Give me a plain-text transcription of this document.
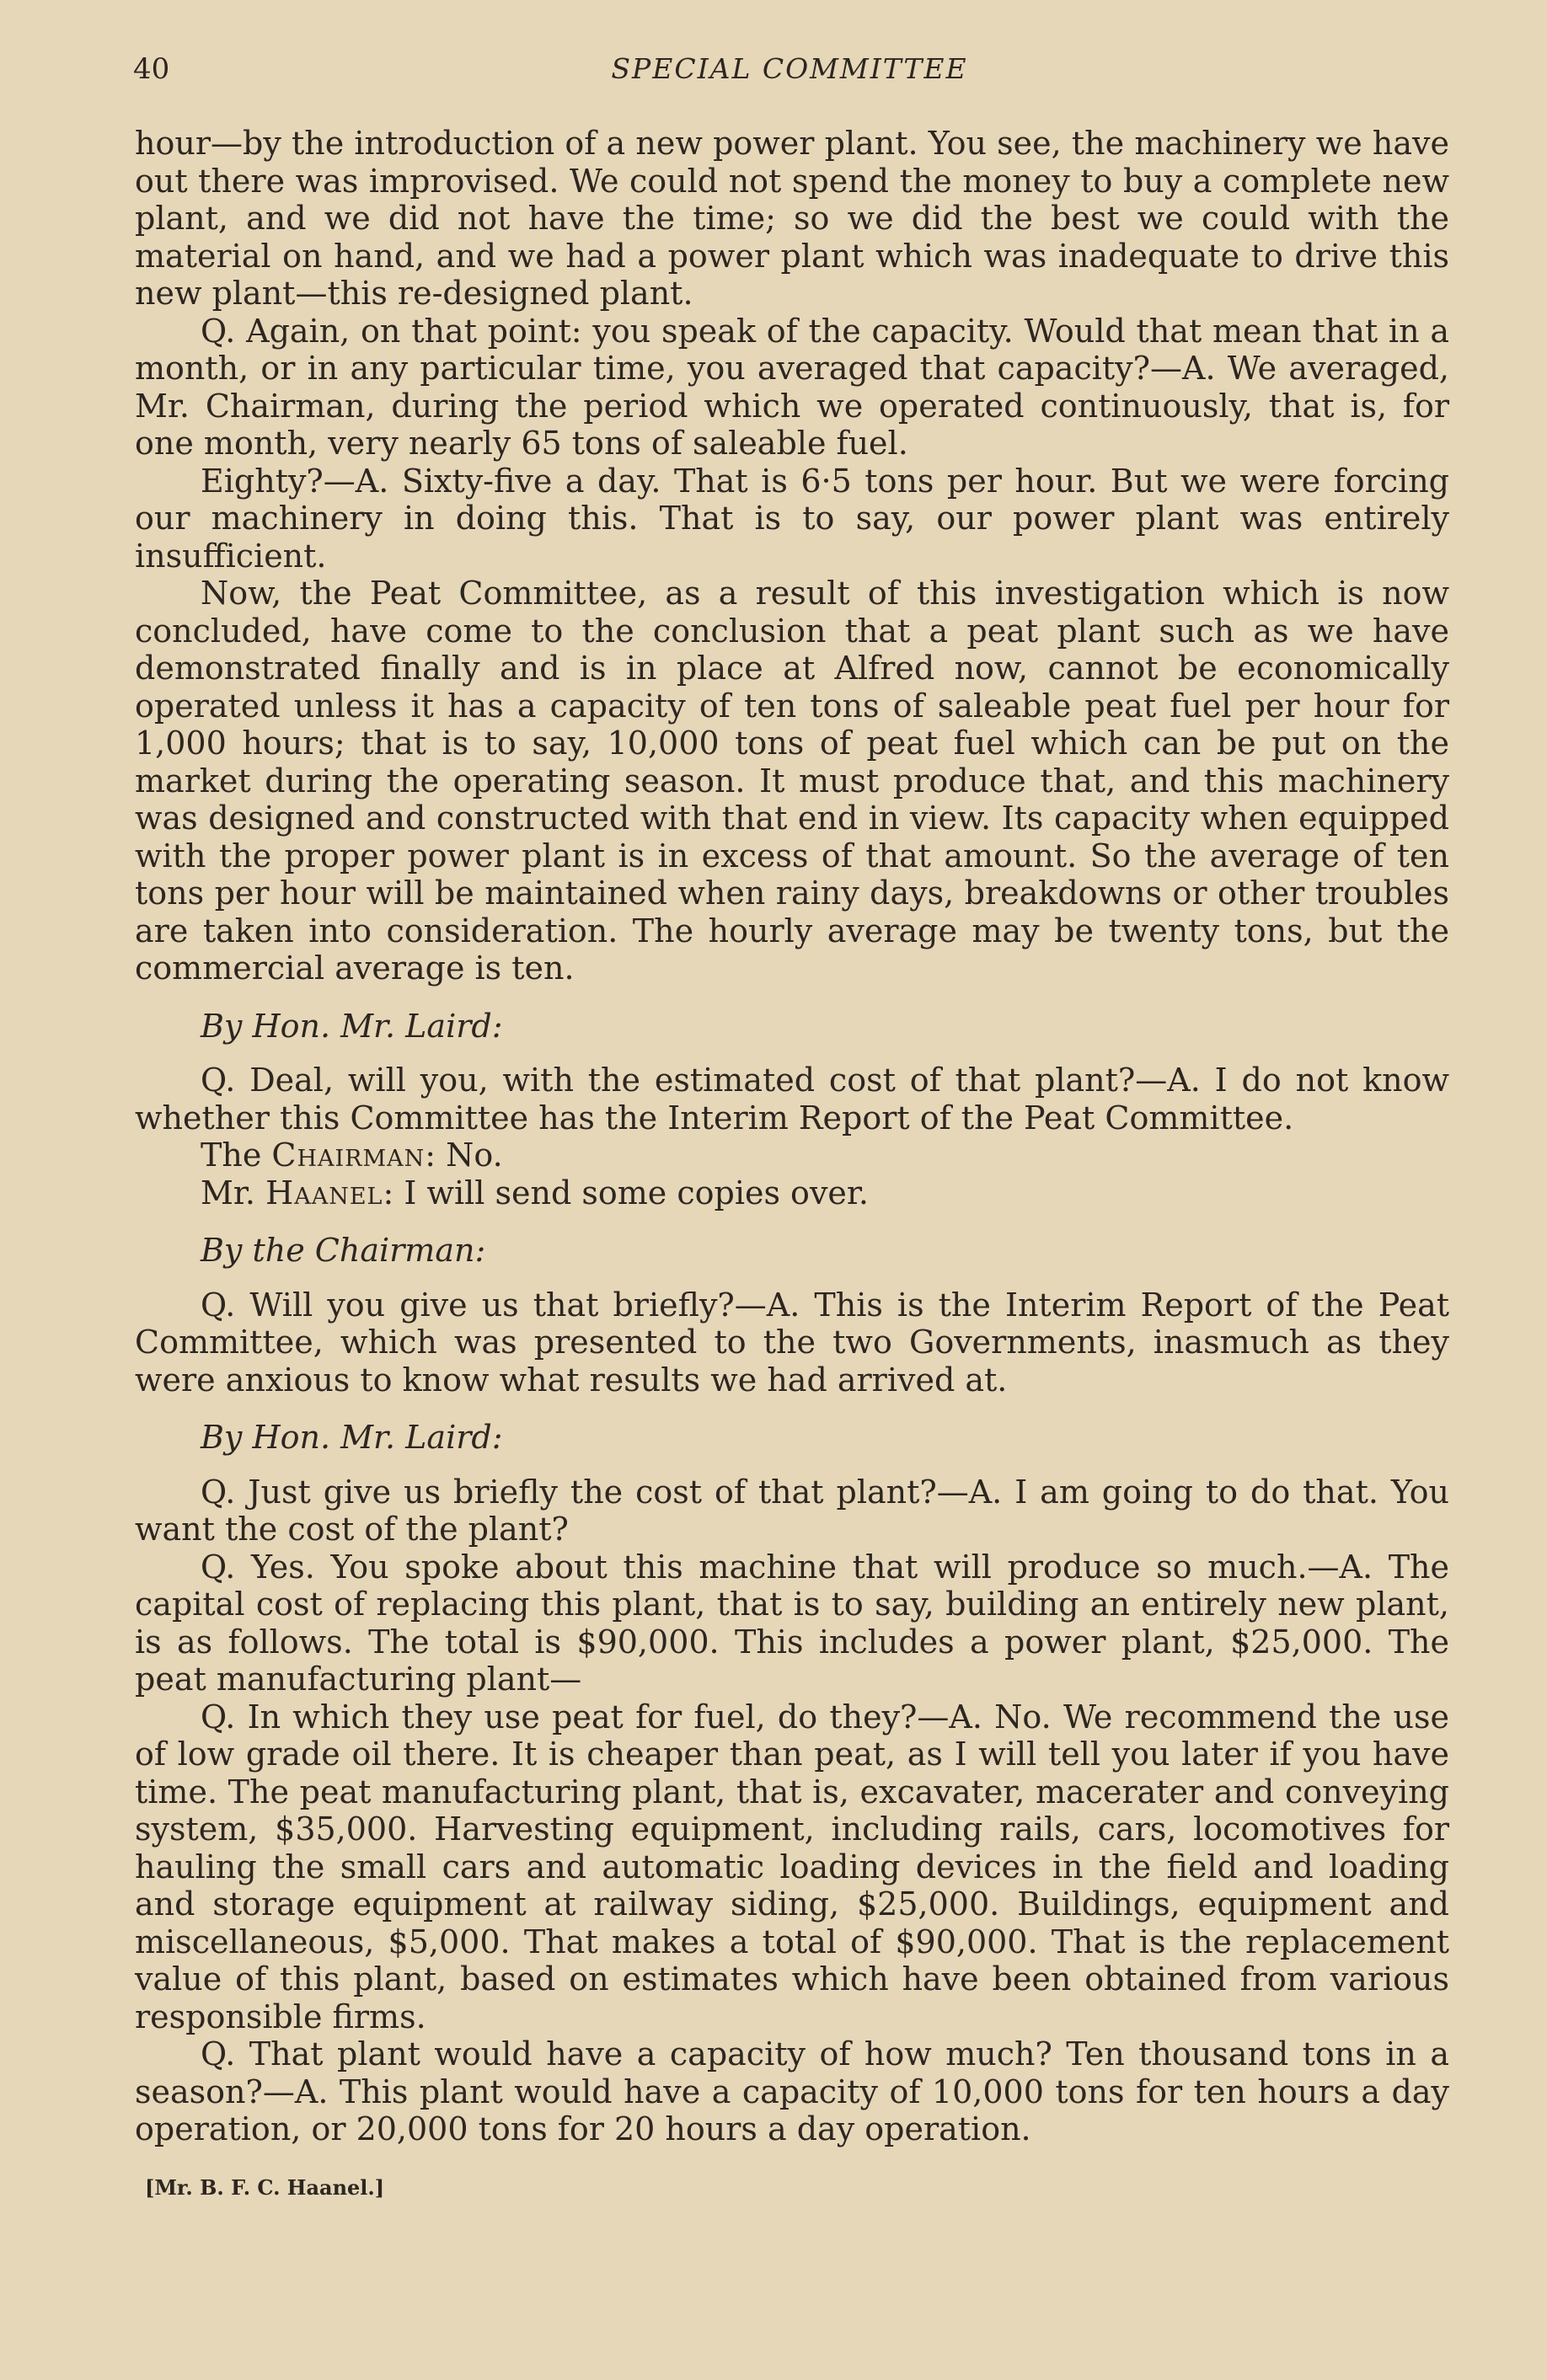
40	SPECIAL COMMITTEE

hour—by the introduction of a new power plant. You see, the machinery we have out there was improvised. We could not spend the money to buy a complete new plant, and we did not have the time; so we did the best we could with the material on hand, and we had a power plant which was inadequate to drive this new plant—this re-designed plant.

Q. Again, on that point: you speak of the capacity. Would that mean that in a month, or in any particular time, you averaged that capacity?—A. We averaged, Mr. Chairman, during the period which we operated continuously, that is, for one month, very nearly 65 tons of saleable fuel.

Eighty?—A. Sixty-five a day. That is 6·5 tons per hour. But we were forcing our machinery in doing this. That is to say, our power plant was entirely insufficient.

Now, the Peat Committee, as a result of this investigation which is now concluded, have come to the conclusion that a peat plant such as we have demonstrated finally and is in place at Alfred now, cannot be economically operated unless it has a capacity of ten tons of saleable peat fuel per hour for 1,000 hours; that is to say, 10,000 tons of peat fuel which can be put on the market during the operating season. It must produce that, and this machinery was designed and constructed with that end in view. Its capacity when equipped with the proper power plant is in excess of that amount. So the average of ten tons per hour will be maintained when rainy days, breakdowns or other troubles are taken into consideration. The hourly average may be twenty tons, but the commercial average is ten.

By Hon. Mr. Laird:

Q. Deal, will you, with the estimated cost of that plant?—A. I do not know whether this Committee has the Interim Report of the Peat Committee.

The Chairman: No.

Mr. Haanel: I will send some copies over.

By the Chairman:

Q. Will you give us that briefly?—A. This is the Interim Report of the Peat Committee, which was presented to the two Governments, inasmuch as they were anxious to know what results we had arrived at.

By Hon. Mr. Laird:

Q. Just give us briefly the cost of that plant?—A. I am going to do that. You want the cost of the plant?

Q. Yes. You spoke about this machine that will produce so much.—A. The capital cost of replacing this plant, that is to say, building an entirely new plant, is as follows. The total is $90,000. This includes a power plant, $25,000. The peat manufacturing plant—

Q. In which they use peat for fuel, do they?—A. No. We recommend the use of low grade oil there. It is cheaper than peat, as I will tell you later if you have time. The peat manufacturing plant, that is, excavater, macerater and conveying system, $35,000. Harvesting equipment, including rails, cars, locomotives for hauling the small cars and automatic loading devices in the field and loading and storage equipment at railway siding, $25,000. Buildings, equipment and miscellaneous, $5,000. That makes a total of $90,000. That is the replacement value of this plant, based on estimates which have been obtained from various responsible firms.

Q. That plant would have a capacity of how much? Ten thousand tons in a season?—A. This plant would have a capacity of 10,000 tons for ten hours a day operation, or 20,000 tons for 20 hours a day operation.

[Mr. B. F. C. Haanel.]
